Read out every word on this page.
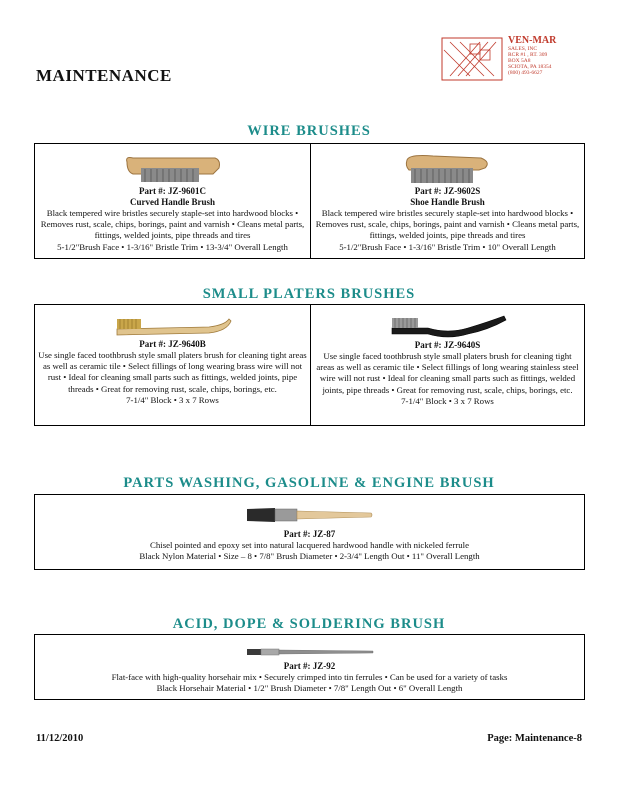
VEN-MAR
SALES, INC
RCR #1 , RT. 309
BOX 5A8
SCIOTA, PA 18354
(800) 493-6627
MAINTENANCE
WIRE BRUSHES
Part #: JZ-9601C
Curved Handle Brush
Black tempered wire bristles securely staple-set into hardwood blocks • Removes rust, scale, chips, borings, paint and varnish • Cleans metal parts, fittings, welded joints, pipe threads and tires
5-1/2"Brush Face • 1-3/16" Bristle Trim • 13-3/4" Overall Length
Part #: JZ-9602S
Shoe Handle Brush
Black tempered wire bristles securely staple-set into hardwood blocks • Removes rust, scale, chips, borings, paint and varnish • Cleans metal parts, fittings, welded joints, pipe threads and tires
5-1/2"Brush Face • 1-3/16" Bristle Trim • 10" Overall Length
SMALL PLATERS BRUSHES
Part #: JZ-9640B
Use single faced toothbrush style small platers brush for cleaning tight areas as well as ceramic tile • Select fillings of long wearing brass wire will not rust • Ideal for cleaning small parts such as fittings, welded joints, pipe threads • Great for removing rust, scale, chips, borings, etc.
7-1/4" Block • 3 x 7 Rows
Part #: JZ-9640S
Use single faced toothbrush style small platers brush for cleaning tight areas as well as ceramic tile • Select fillings of long wearing stainless steel wire will not rust • Ideal for cleaning small parts such as fittings, welded joints, pipe threads • Great for removing rust, scale, chips, borings, etc.
7-1/4" Block • 3 x 7 Rows
PARTS WASHING, GASOLINE & ENGINE BRUSH
Part #: JZ-87
Chisel pointed and epoxy set into natural lacquered hardwood handle with nickeled ferrule
Black Nylon Material • Size – 8 • 7/8" Brush Diameter • 2-3/4" Length Out • 11" Overall Length
ACID, DOPE & SOLDERING BRUSH
Part #: JZ-92
Flat-face with high-quality horsehair mix • Securely crimped into tin ferrules • Can be used for a variety of tasks
Black Horsehair Material • 1/2" Brush Diameter • 7/8" Length Out • 6" Overall Length
11/12/2010	Page: Maintenance-8
